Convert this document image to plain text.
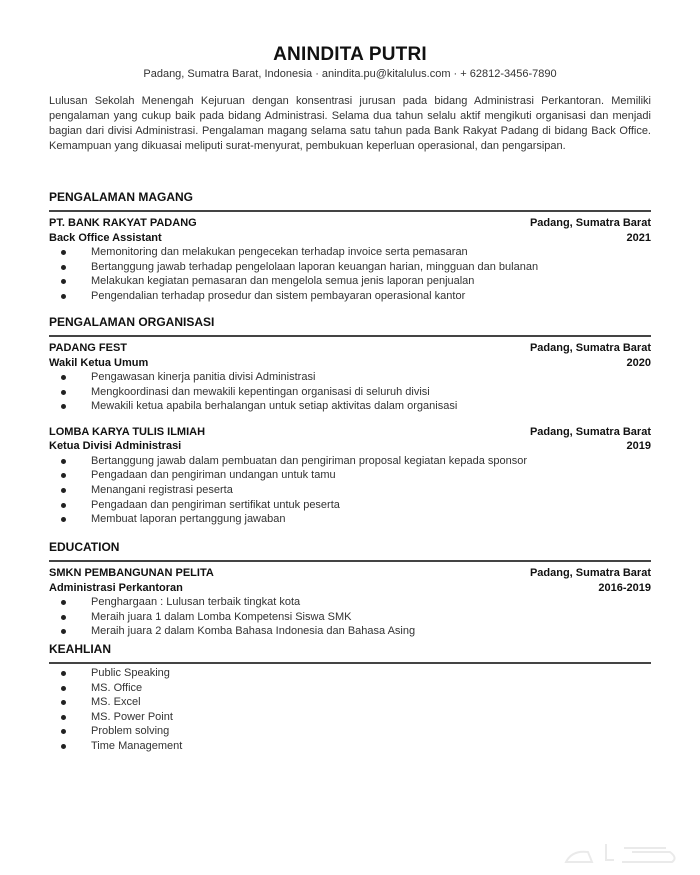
ANINDITA PUTRI
Padang, Sumatra Barat, Indonesia · anindita.pu@kitalulus.com · + 62812-3456-7890
Lulusan Sekolah Menengah Kejuruan dengan konsentrasi jurusan pada bidang Administrasi Perkantoran. Memiliki pengalaman yang cukup baik pada bidang Administrasi. Selama dua tahun selalu aktif mengikuti organisasi dan menjadi bagian dari divisi Administrasi. Pengalaman magang selama satu tahun pada Bank Rakyat Padang di bidang Back Office. Kemampuan yang dikuasai meliputi surat-menyurat, pembukuan keperluan operasional, dan pengarsipan.
PENGALAMAN MAGANG
PT. BANK RAKYAT PADANG	Padang, Sumatra Barat
Back Office Assistant	2021
Memonitoring dan melakukan pengecekan terhadap invoice serta pemasaran
Bertanggung jawab terhadap pengelolaan laporan keuangan harian, mingguan dan bulanan
Melakukan kegiatan pemasaran dan mengelola semua jenis laporan penjualan
Pengendalian terhadap prosedur dan sistem pembayaran operasional kantor
PENGALAMAN ORGANISASI
PADANG FEST	Padang, Sumatra Barat
Wakil Ketua Umum	2020
Pengawasan kinerja panitia divisi Administrasi
Mengkoordinasi dan mewakili kepentingan organisasi di seluruh divisi
Mewakili ketua apabila berhalangan untuk setiap aktivitas dalam organisasi
LOMBA KARYA TULIS ILMIAH	Padang, Sumatra Barat
Ketua Divisi Administrasi	2019
Bertanggung jawab dalam pembuatan dan pengiriman proposal kegiatan kepada sponsor
Pengadaan dan pengiriman undangan untuk tamu
Menangani registrasi peserta
Pengadaan dan pengiriman sertifikat untuk peserta
Membuat laporan pertanggung jawaban
EDUCATION
SMKN PEMBANGUNAN PELITA	Padang, Sumatra Barat
Administrasi Perkantoran	2016-2019
Penghargaan : Lulusan terbaik tingkat kota
Meraih juara 1 dalam Lomba Kompetensi Siswa SMK
Meraih juara 2 dalam Komba Bahasa Indonesia dan Bahasa Asing
KEAHLIAN
Public Speaking
MS. Office
MS. Excel
MS. Power Point
Problem solving
Time Management
